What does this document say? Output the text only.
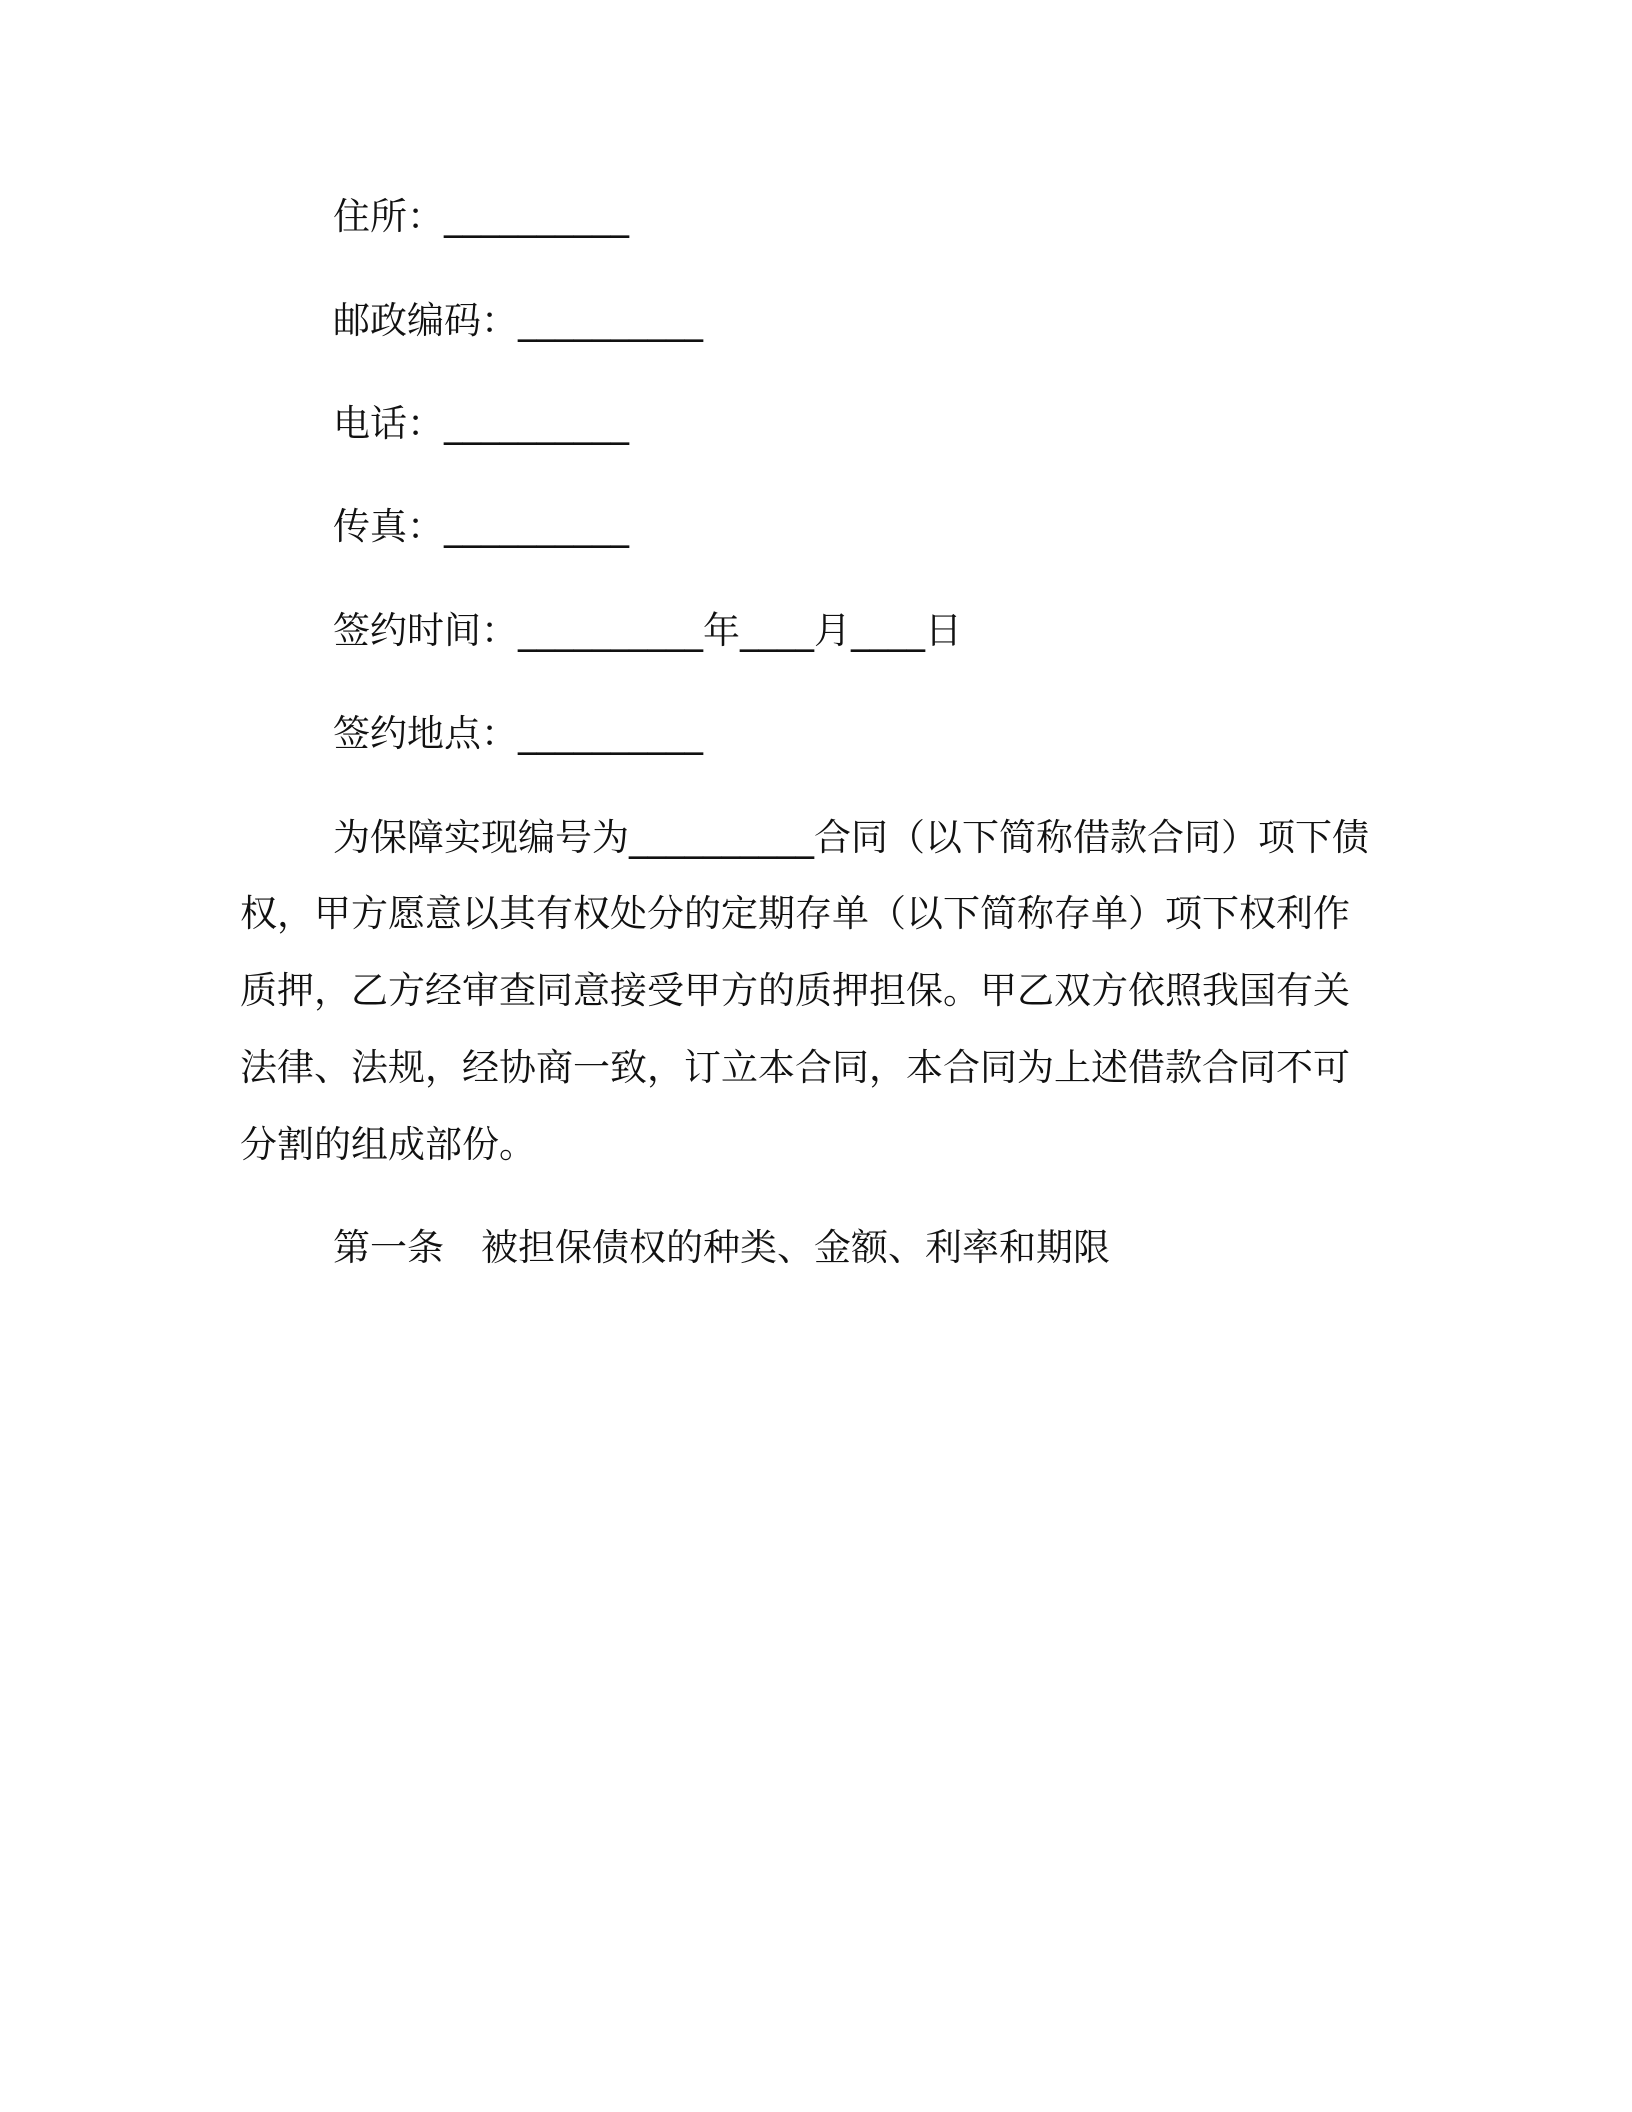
住所：__________
邮政编码：__________
电话：__________
传真：__________
签约时间：__________年____月____日
签约地点：__________
为保障实现编号为__________合同（以下简称借款合同）项下债
权，甲方愿意以其有权处分的定期存单（以下简称存单）项下权利作
质押，乙方经审查同意接受甲方的质押担保。甲乙双方依照我国有关
法律、法规，经协商一致，订立本合同，本合同为上述借款合同不可
分割的组成部份。
第一条　被担保债权的种类、金额、利率和期限
